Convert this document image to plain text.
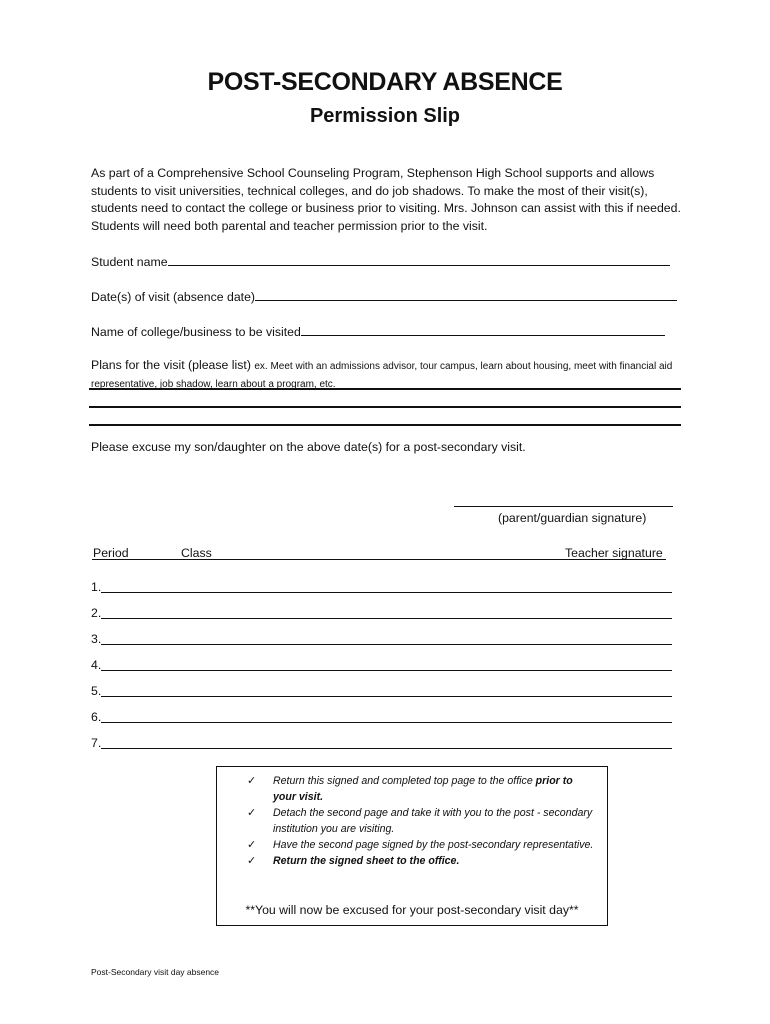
POST-SECONDARY ABSENCE
Permission Slip
As part of a Comprehensive School Counseling Program, Stephenson High School supports and allows students to visit universities, technical colleges, and do job shadows. To make the most of their visit(s), students need to contact the college or business prior to visiting. Mrs. Johnson can assist with this if needed. Students will need both parental and teacher permission prior to the visit.
Student name
Date(s) of visit (absence date)
Name of college/business to be visited
Plans for the visit (please list) ex. Meet with an admissions advisor, tour campus, learn about housing, meet with financial aid representative, job shadow, learn about a program, etc.
Please excuse my son/daughter on the above date(s) for a post-secondary visit.
(parent/guardian signature)
Period	Class	Teacher signature
1.
2.
3.
4.
5.
6.
7.
✓ Return this signed and completed top page to the office prior to your visit.
✓ Detach the second page and take it with you to the post - secondary institution you are visiting.
✓ Have the second page signed by the post-secondary representative.
✓ Return the signed sheet to the office.
**You will now be excused for your post-secondary visit day**
Post-Secondary visit day absence
